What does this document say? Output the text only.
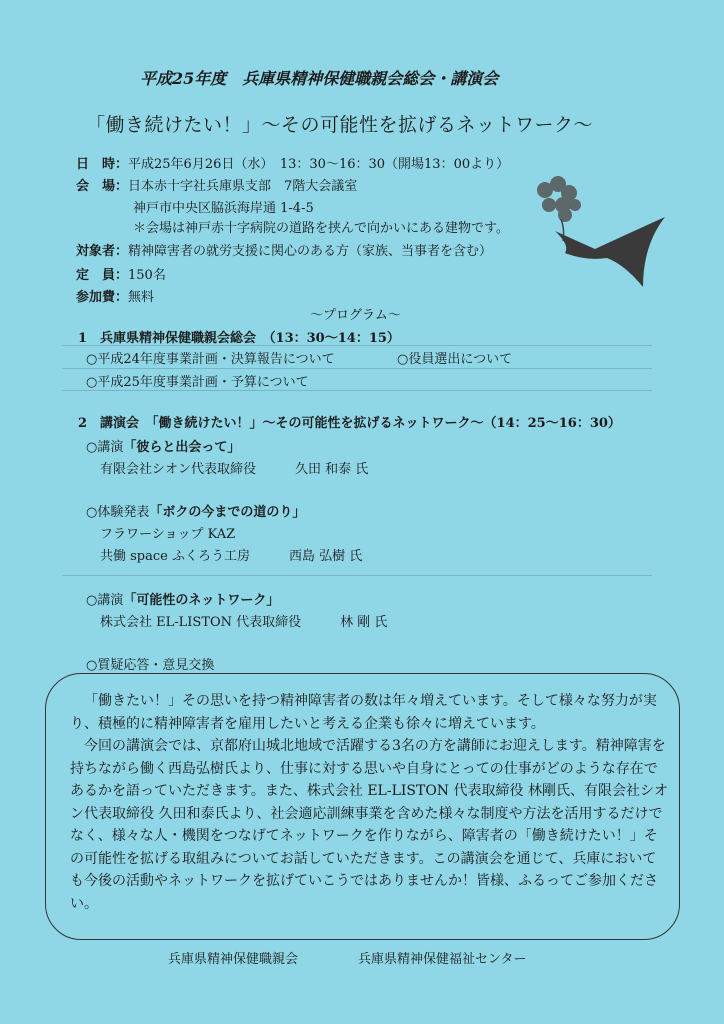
平成25年度　兵庫県精神保健職親会総会・講演会
「働き続けたい！」～その可能性を拡げるネットワーク～
日　時：平成25年6月26日（水）　13：30～16：30（開場13：00より）
会　場：日本赤十字社兵庫県支部　7階大会議室
神戸市中央区脇浜海岸通 1-4-5
＊会場は神戸赤十字病院の道路を挟んで向かいにある建物です。
対象者：精神障害者の就労支援に関心のある方（家族、当事者を含む）
定　員：150名
参加費：無料
～プログラム～
1　兵庫県精神保健職親会総会　（13：30～14：15）
○平成24年度事業計画・決算報告について	○役員選出について
○平成25年度事業計画・予算について
2　講演会　「働き続けたい！」～その可能性を拡げるネットワーク～（14：25～16：30）
○講演「彼らと出会って」
有限会社シオン代表取締役　　　久田 和泰 氏
○体験発表「ボクの今までの道のり」
フラワーショップ KAZ
共働 space ふくろう工房　　　西島 弘樹 氏
○講演「可能性のネットワーク」
株式会社 EL-LISTON 代表取締役　　　林 剛 氏
○質疑応答・意見交換

「働きたい！」その思いを持つ精神障害者の数は年々増えています。そして様々な努力が実り、積極的に精神障害者を雇用したいと考える企業も徐々に増えています。

今回の講演会では、京都府山城北地域で活躍する3名の方を講師にお迎えします。精神障害を持ちながら働く西島弘樹氏より、仕事に対する思いや自身にとっての仕事がどのような存在であるかを語っていただきます。また、株式会社 EL-LISTON 代表取締役 林剛氏、有限会社シオン代表取締役 久田和泰氏より、社会適応訓練事業を含めた様々な制度や方法を活用するだけでなく、様々な人・機関をつなげてネットワークを作りながら、障害者の「働き続けたい！」その可能性を拡げる取組みについてお話していただきます。この講演会を通じて、兵庫においても今後の活動やネットワークを拡げていこうではありませんか！皆様、ふるってご参加ください。

兵庫県精神保健職親会	兵庫県精神保健福祉センター
